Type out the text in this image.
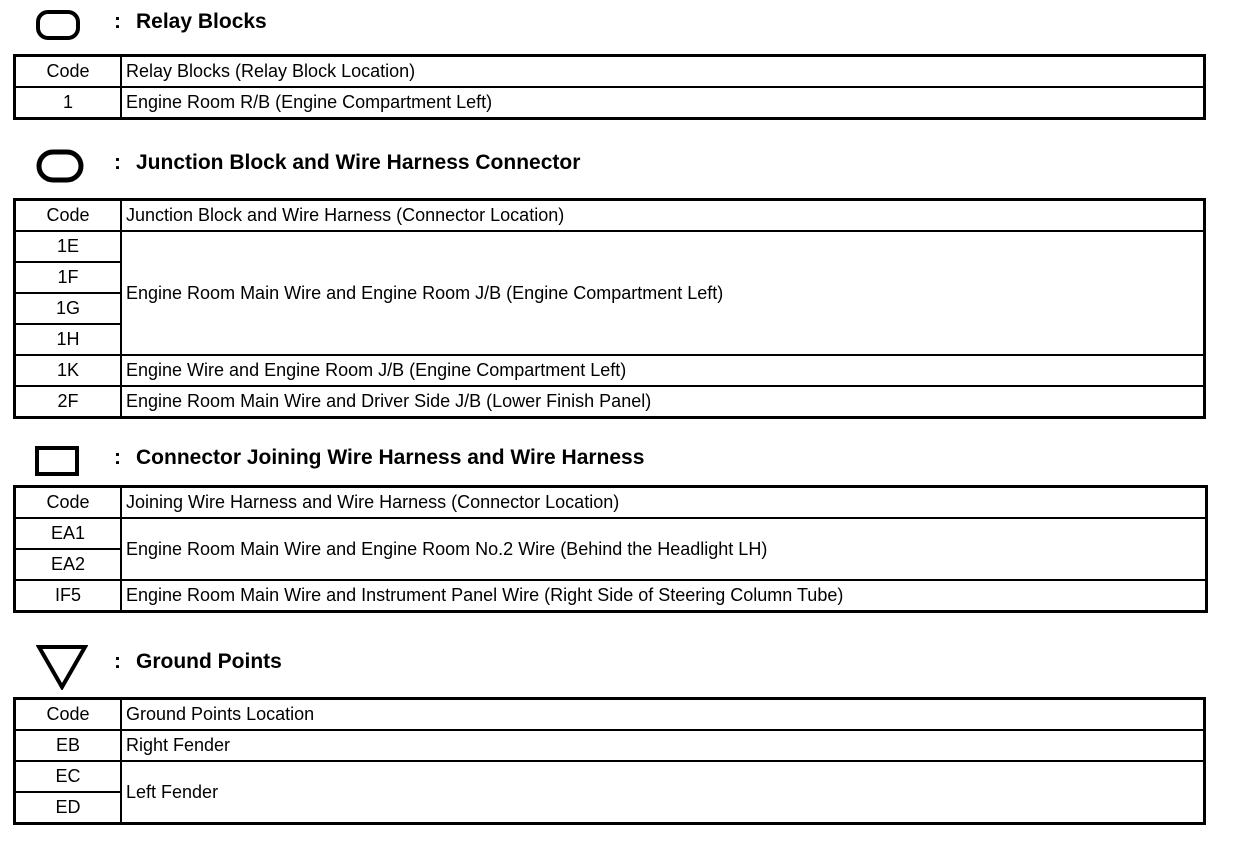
: Relay Blocks
Code	Relay Blocks (Relay Block Location)
1	Engine Room R/B (Engine Compartment Left)
: Junction Block and Wire Harness Connector
Code	Junction Block and Wire Harness (Connector Location)
1E	Engine Room Main Wire and Engine Room J/B (Engine Compartment Left)
1F	
1G	
1H	
1K	Engine Wire and Engine Room J/B (Engine Compartment Left)
2F	Engine Room Main Wire and Driver Side J/B (Lower Finish Panel)
: Connector Joining Wire Harness and Wire Harness
Code	Joining Wire Harness and Wire Harness (Connector Location)
EA1	Engine Room Main Wire and Engine Room No.2 Wire (Behind the Headlight LH)
EA2	
IF5	Engine Room Main Wire and Instrument Panel Wire (Right Side of Steering Column Tube)
: Ground Points
Code	Ground Points Location
EB	Right Fender
EC	Left Fender
ED	
